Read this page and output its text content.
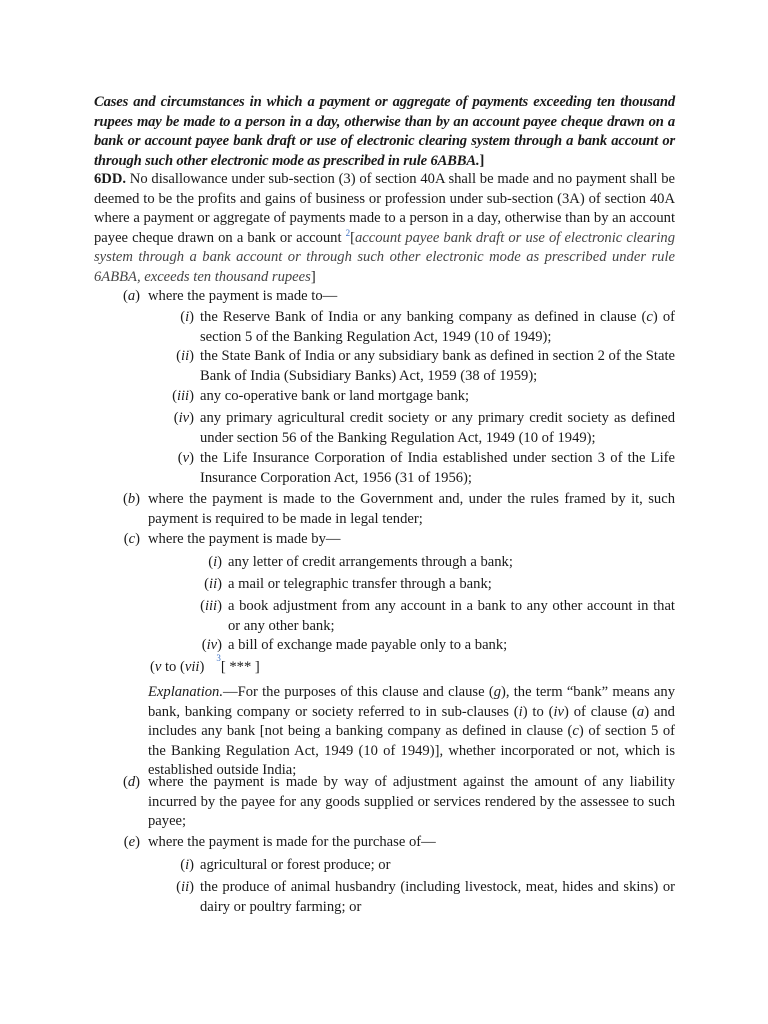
Cases and circumstances in which a payment or aggregate of payments exceeding ten thousand rupees may be made to a person in a day, otherwise than by an account payee cheque drawn on a bank or account payee bank draft or use of electronic clearing system through a bank account or through such other electronic mode as prescribed in rule 6ABBA.]
6DD. No disallowance under sub-section (3) of section 40A shall be made and no payment shall be deemed to be the profits and gains of business or profession under sub-section (3A) of section 40A where a payment or aggregate of payments made to a person in a day, otherwise than by an account payee cheque drawn on a bank or account $^2$[account payee bank draft or use of electronic clearing system through a bank account or through such other electronic mode as prescribed under rule 6ABBA, exceeds ten thousand rupees]
(a) where the payment is made to—
(i) the Reserve Bank of India or any banking company as defined in clause (c) of section 5 of the Banking Regulation Act, 1949 (10 of 1949);
(ii) the State Bank of India or any subsidiary bank as defined in section 2 of the State Bank of India (Subsidiary Banks) Act, 1959 (38 of 1959);
(iii) any co-operative bank or land mortgage bank;
(iv) any primary agricultural credit society or any primary credit society as defined under section 56 of the Banking Regulation Act, 1949 (10 of 1949);
(v) the Life Insurance Corporation of India established under section 3 of the Life Insurance Corporation Act, 1956 (31 of 1956);
(b) where the payment is made to the Government and, under the rules framed by it, such payment is required to be made in legal tender;
(c) where the payment is made by—
(i) any letter of credit arrangements through a bank;
(ii) a mail or telegraphic transfer through a bank;
(iii) a book adjustment from any account in a bank to any other account in that or any other bank;
(iv) a bill of exchange made payable only to a bank;
(v to (vii)
3
[ *** ]
Explanation.—For the purposes of this clause and clause (g), the term “bank” means any bank, banking company or society referred to in sub-clauses (i) to (iv) of clause (a) and includes any bank [not being a banking company as defined in clause (c) of section 5 of the Banking Regulation Act, 1949 (10 of 1949)], whether incorporated or not, which is established outside India;
(d) where the payment is made by way of adjustment against the amount of any liability incurred by the payee for any goods supplied or services rendered by the assessee to such payee;
(e) where the payment is made for the purchase of—
(i) agricultural or forest produce; or
(ii) the produce of animal husbandry (including livestock, meat, hides and skins) or dairy or poultry farming; or
